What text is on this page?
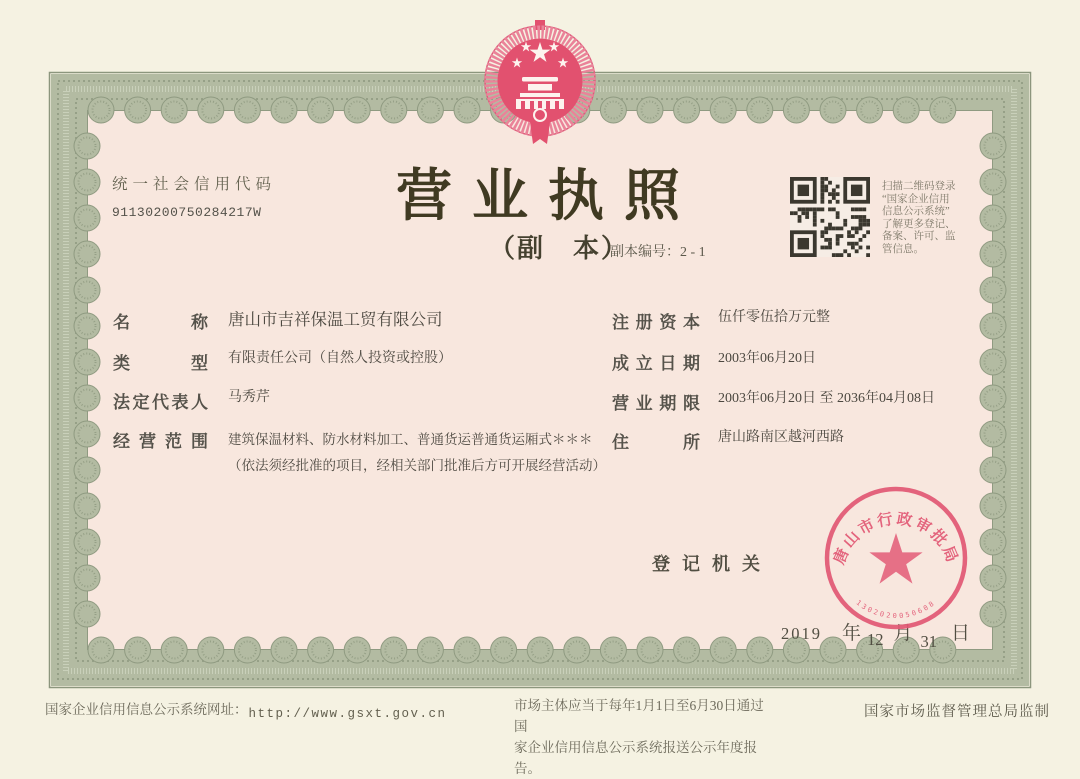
统一社会信用代码
91130200750284217W 营业执照
（副　本）
副本编号：2 - 1
扫描二维码登录
“国家企业信用
信息公示系统”
了解更多登记、
备案、许可、监
管信息。
名称 唐山市吉祥保温工贸有限公司
类型 有限责任公司（自然人投资或控股）
法定代表人 马秀芹
经营范围 建筑保温材料、防水材料加工、普通货运普通货运厢式＊＊＊（依法须经批准的项目，经相关部门批准后方可开展经营活动）
注册资本 伍仟零伍拾万元整
成立日期 2003年06月20日
营业期限 2003年06月20日 至 2036年04月08日
住所 唐山路南区越河西路
登记机关
2019 年 12 月 31 日
唐山市行政审批局
1302020050608
国家企业信用信息公示系统网址：http://www.gsxt.gov.cn
市场主体应当于每年1月1日至6月30日通过国
家企业信用信息公示系统报送公示年度报告。
国家市场监督管理总局监制
